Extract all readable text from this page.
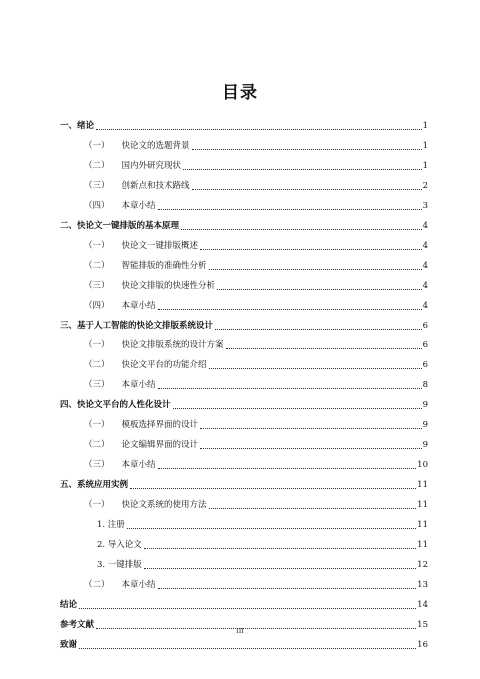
目录
一、绪论	1
（一） 快论文的选题背景	1
（二） 国内外研究现状	1
（三） 创新点和技术路线	2
（四） 本章小结	3
二、快论文一键排版的基本原理	4
（一） 快论文一键排版概述	4
（二） 智能排版的准确性分析	4
（三） 快论文排版的快速性分析	4
（四） 本章小结	4
三、基于人工智能的快论文排版系统设计	6
（一） 快论文排版系统的设计方案	6
（二） 快论文平台的功能介绍	6
（三） 本章小结	8
四、快论文平台的人性化设计	9
（一） 模板选择界面的设计	9
（二） 论文编辑界面的设计	9
（三） 本章小结	10
五、系统应用实例	11
（一） 快论文系统的使用方法	11
1. 注册	11
2. 导入论文	11
3. 一键排版	12
（二） 本章小结	13
结论	14
参考文献	15
致谢	16
III
